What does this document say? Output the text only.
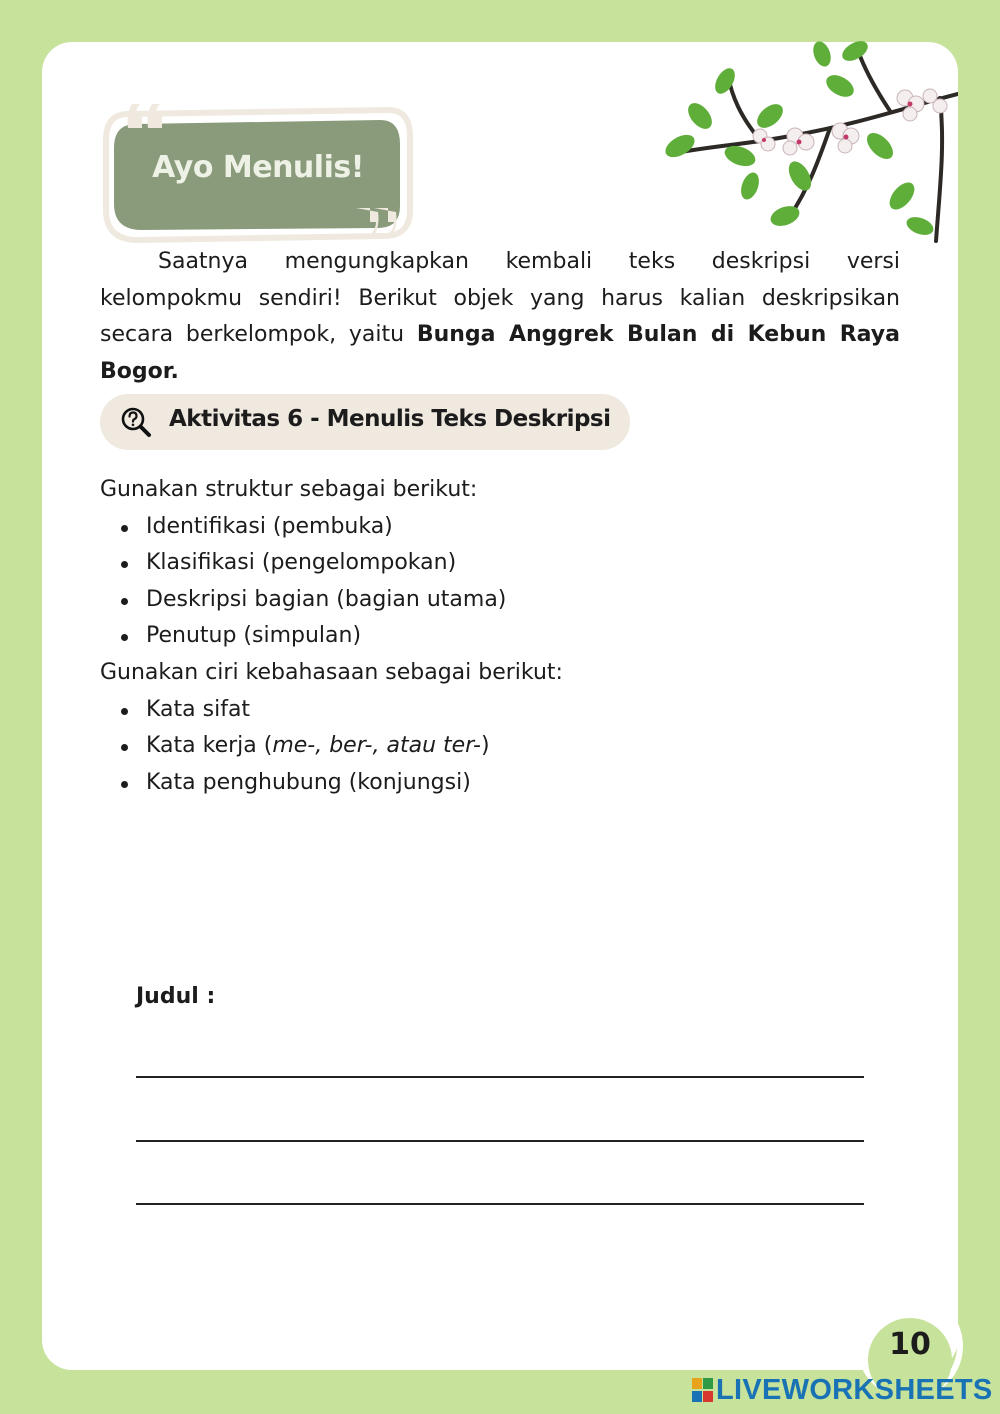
Ayo Menulis!
Saatnya mengungkapkan kembali teks deskripsi versi kelompokmu sendiri! Berikut objek yang harus kalian deskripsikan secara berkelompok, yaitu Bunga Anggrek Bulan di Kebun Raya Bogor.
Aktivitas 6 - Menulis Teks Deskripsi
Gunakan struktur sebagai berikut:
Identifikasi (pembuka)
Klasifikasi (pengelompokan)
Deskripsi bagian (bagian utama)
Penutup (simpulan)
Gunakan ciri kebahasaan sebagai berikut:
Kata sifat
Kata kerja (me-, ber-, atau ter-)
Kata penghubung (konjungsi)
Judul :
10
LIVEWORKSHEETS
